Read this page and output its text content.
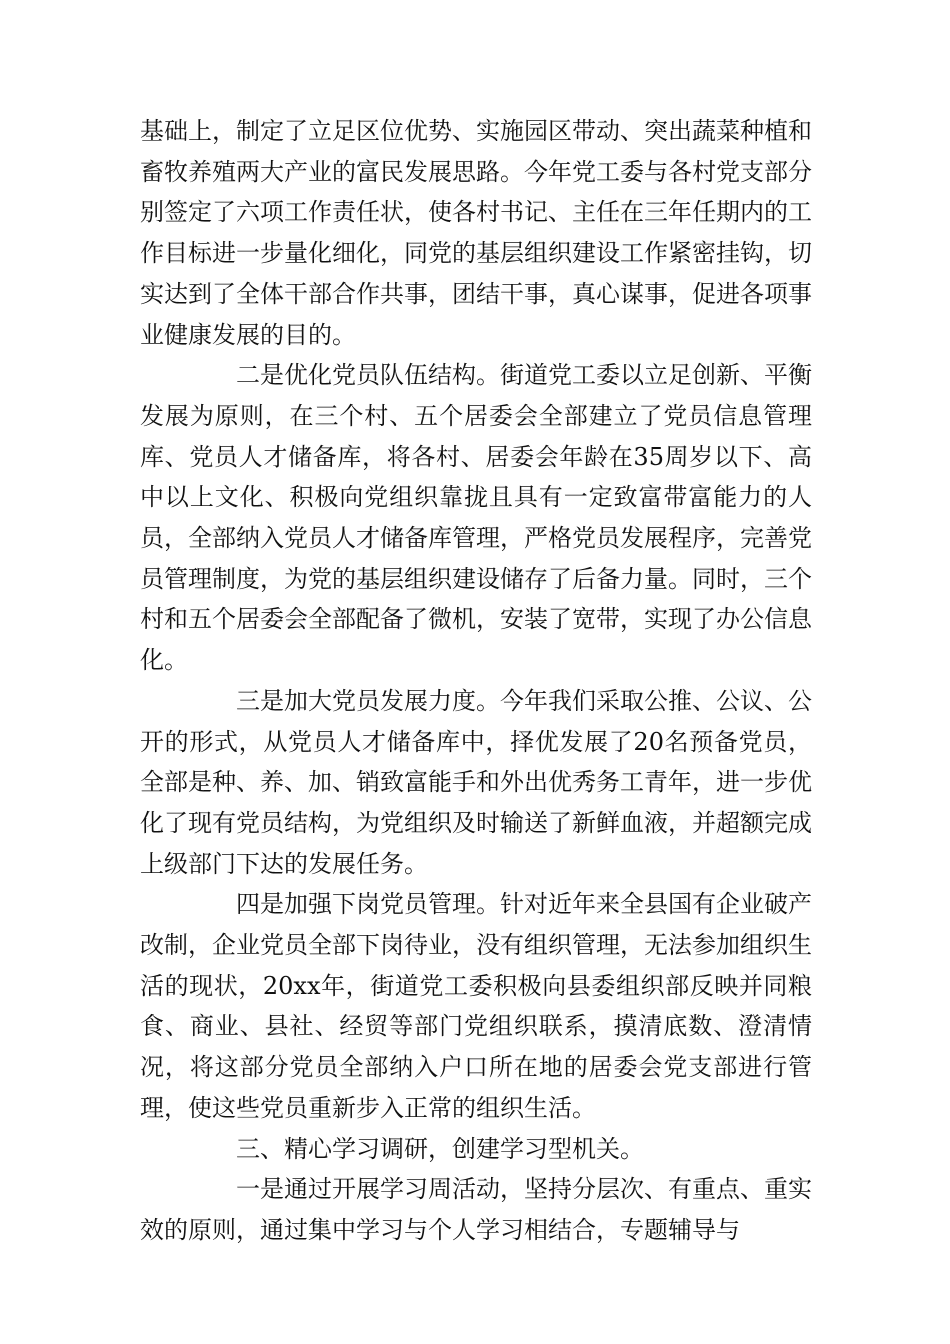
基础上，制定了立足区位优势、实施园区带动、突出蔬菜种植和畜牧养殖两大产业的富民发展思路。今年党工委与各村党支部分别签定了六项工作责任状，使各村书记、主任在三年任期内的工作目标进一步量化细化，同党的基层组织建设工作紧密挂钩，切实达到了全体干部合作共事，团结干事，真心谋事，促进各项事业健康发展的目的。

二是优化党员队伍结构。街道党工委以立足创新、平衡发展为原则，在三个村、五个居委会全部建立了党员信息管理库、党员人才储备库，将各村、居委会年龄在35周岁以下、高中以上文化、积极向党组织靠拢且具有一定致富带富能力的人员，全部纳入党员人才储备库管理，严格党员发展程序，完善党员管理制度，为党的基层组织建设储存了后备力量。同时，三个村和五个居委会全部配备了微机，安装了宽带，实现了办公信息化。

三是加大党员发展力度。今年我们采取公推、公议、公开的形式，从党员人才储备库中，择优发展了20名预备党员，全部是种、养、加、销致富能手和外出优秀务工青年，进一步优化了现有党员结构，为党组织及时输送了新鲜血液，并超额完成上级部门下达的发展任务。

四是加强下岗党员管理。针对近年来全县国有企业破产改制，企业党员全部下岗待业，没有组织管理，无法参加组织生活的现状，20xx年，街道党工委积极向县委组织部反映并同粮食、商业、县社、经贸等部门党组织联系，摸清底数、澄清情况，将这部分党员全部纳入户口所在地的居委会党支部进行管理，使这些党员重新步入正常的组织生活。

三、精心学习调研，创建学习型机关。

一是通过开展学习周活动，坚持分层次、有重点、重实效的原则，通过集中学习与个人学习相结合，专题辅导与
